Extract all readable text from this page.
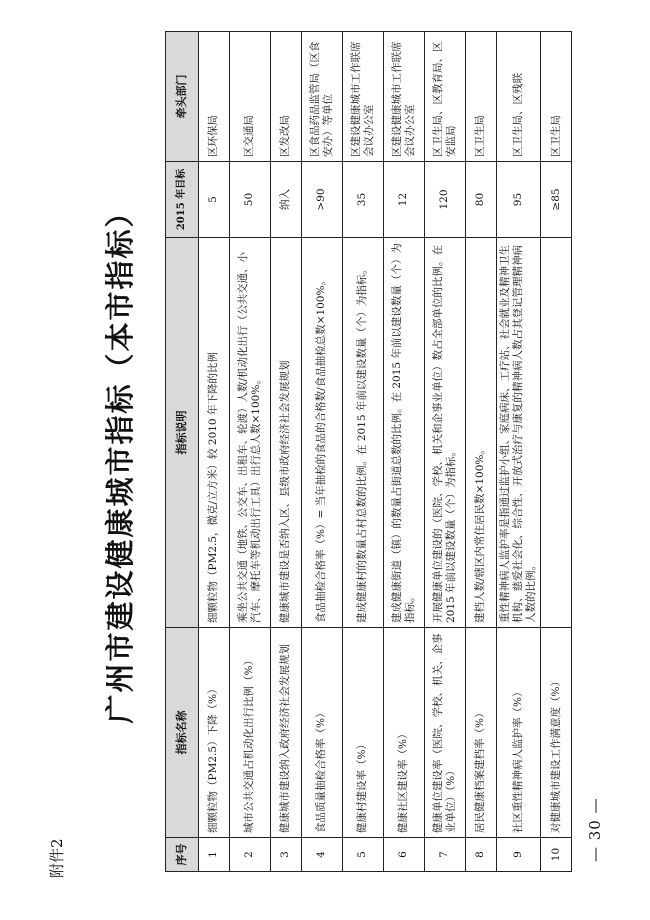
附件2
广州市建设健康城市指标（本市指标）
序号	指标名称	指标说明	2015 年目标	牵头部门
1	细颗粒物（PM2.5）下降（%）	细颗粒物（PM2.5，微克/立方米）较 2010 年下降的比例	5	区环保局
2	城市公共交通占机动化出行比例（%）	乘坐公共交通（地铁、公交车、出租车、轮渡）人数/机动化出行（公共交通、小汽车、摩托车等机动出行工具）出行总人数×100%。	50	区交通局
3	健康城市建设纳入政府经济社会发展规划	健康城市建设是否纳入区、县级市政府经济社会发展规划	纳入	区发改局
4	食品质量抽检合格率（%）	食品抽检合格率（%）= 当年抽检的食品的合格数/食品抽检总数×100%。	>90	区食品药品监管局（区食安办）等单位
5	健康村建设率（%）	建成健康村的数量占村总数的比例。在 2015 年前以建设数量（个）为指标。	35	区建设健康城市工作联席会议办公室
6	健康社区建设率（%）	建成健康街道（镇）的数量占街道总数的比例。在 2015 年前以建设数量（个）为指标。	12	区建设健康城市工作联席会议办公室
7	健康单位建设率（医院、学校、机关、企事业单位）（%）	开展健康单位建设的（医院、学校、机关和企事业单位）数占全部单位的比例。在 2015 年前以建设数量（个）为指标。	120	区卫生局、区教育局、区安监局
8	居民健康档案建档率（%）	建档人数/辖区内常住居民数×100%。	80	区卫生局
9	社区重性精神病人监护率（%）	重性精神病人监护率是指通过监护小组、家庭病床、工疗站、社会就业及精神卫生机构、慈爱社会化、综合性、开放式治疗与康复的精神病人数占其登记管理精神病人数的比例。	95	区卫生局、区残联
10	对健康城市建设工作满意度（%）		≥85	区卫生局
— 30 —
